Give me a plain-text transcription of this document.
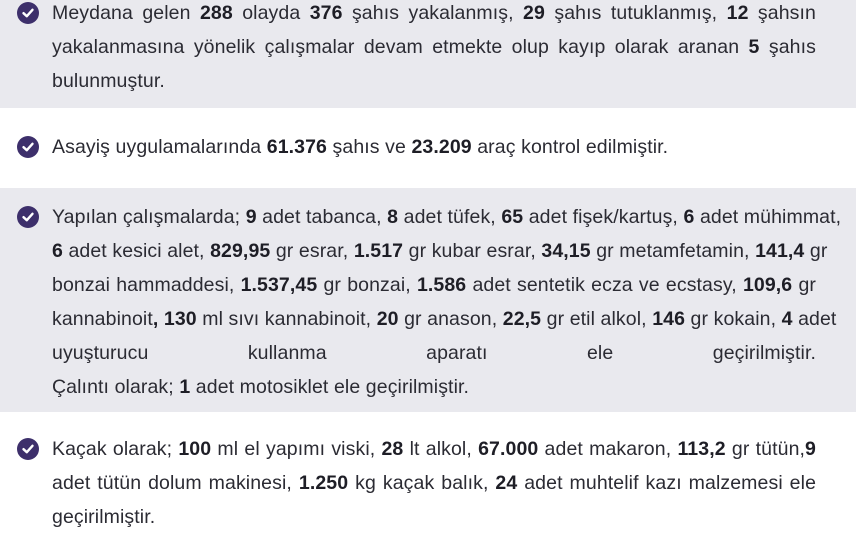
Meydana gelen 288 olayda 376 şahıs yakalanmış, 29 şahıs tutuklanmış, 12 şahsın
yakalanmasına yönelik çalışmalar devam etmekte olup kayıp olarak aranan 5 şahıs
bulunmuştur.
Asayiş uygulamalarında 61.376 şahıs ve 23.209 araç kontrol edilmiştir.
Yapılan çalışmalarda; 9 adet tabanca, 8 adet tüfek, 65 adet fişek/kartuş, 6 adet mühimmat,
6 adet kesici alet, 829,95 gr esrar, 1.517 gr kubar esrar, 34,15 gr metamfetamin, 141,4 gr
bonzai hammaddesi, 1.537,45 gr bonzai, 1.586 adet sentetik ecza ve ecstasy, 109,6 gr
kannabinoit, 130 ml sıvı kannabinoit, 20 gr anason, 22,5 gr etil alkol, 146 gr kokain, 4 adet
uyuşturucu kullanma aparatı ele geçirilmiştir.
Çalıntı olarak; 1 adet motosiklet ele geçirilmiştir.
Kaçak olarak; 100 ml el yapımı viski, 28 lt alkol, 67.000 adet makaron, 113,2 gr tütün,9
adet tütün dolum makinesi, 1.250 kg kaçak balık, 24 adet muhtelif kazı malzemesi ele
geçirilmiştir.
